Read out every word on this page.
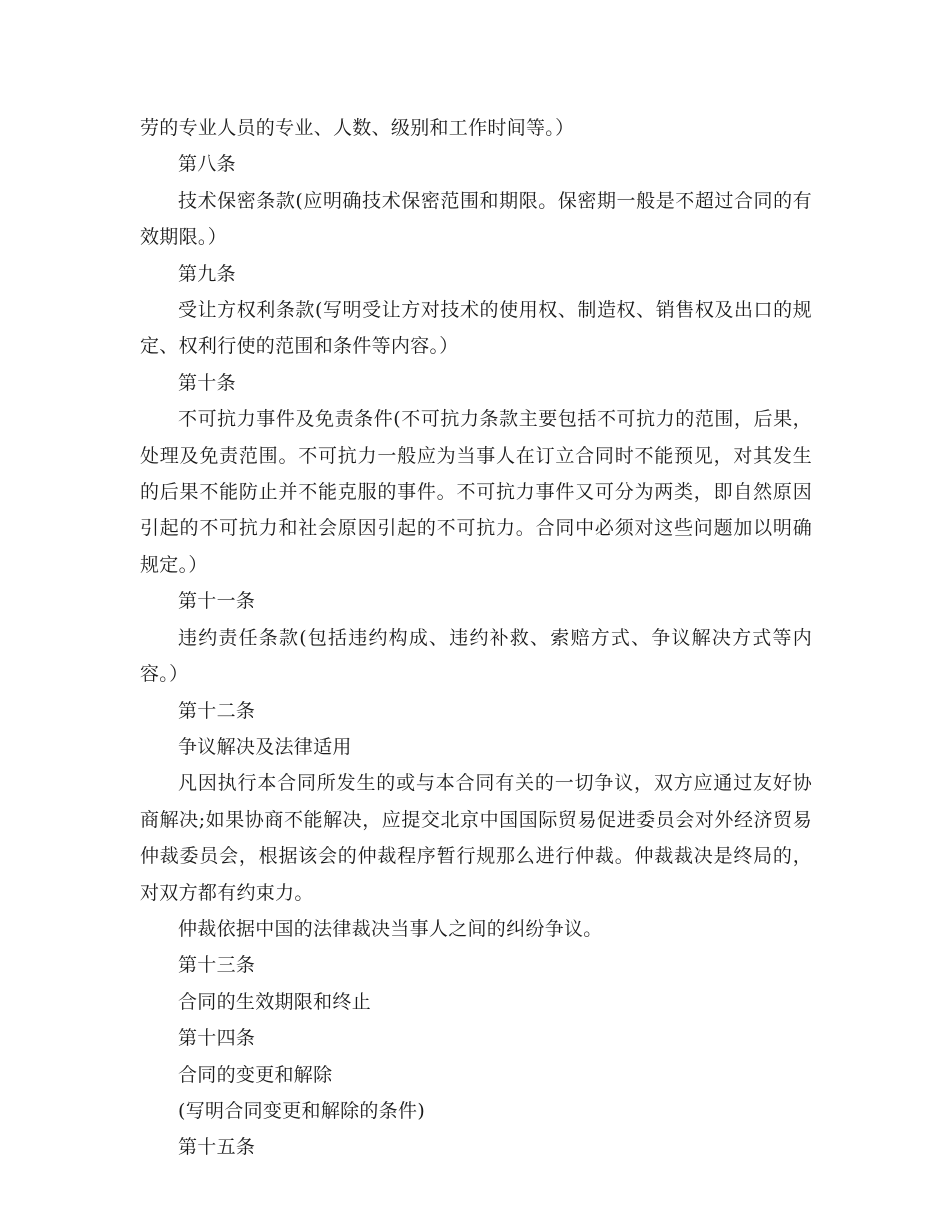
劳的专业人员的专业、人数、级别和工作时间等。）

第八条

技术保密条款(应明确技术保密范围和期限。保密期一般是不超过合同的有效期限。）

第九条

受让方权利条款(写明受让方对技术的使用权、制造权、销售权及出口的规定、权利行使的范围和条件等内容。）

第十条

不可抗力事件及免责条件(不可抗力条款主要包括不可抗力的范围，后果，处理及免责范围。不可抗力一般应为当事人在订立合同时不能预见，对其发生的后果不能防止并不能克服的事件。不可抗力事件又可分为两类，即自然原因引起的不可抗力和社会原因引起的不可抗力。合同中必须对这些问题加以明确规定。）

第十一条

违约责任条款(包括违约构成、违约补救、索赔方式、争议解决方式等内容。）

第十二条

争议解决及法律适用

凡因执行本合同所发生的或与本合同有关的一切争议，双方应通过友好协商解决;如果协商不能解决，应提交北京中国国际贸易促进委员会对外经济贸易仲裁委员会，根据该会的仲裁程序暂行规那么进行仲裁。仲裁裁决是终局的，对双方都有约束力。

仲裁依据中国的法律裁决当事人之间的纠纷争议。

第十三条

合同的生效期限和终止

第十四条

合同的变更和解除

(写明合同变更和解除的条件)

第十五条
